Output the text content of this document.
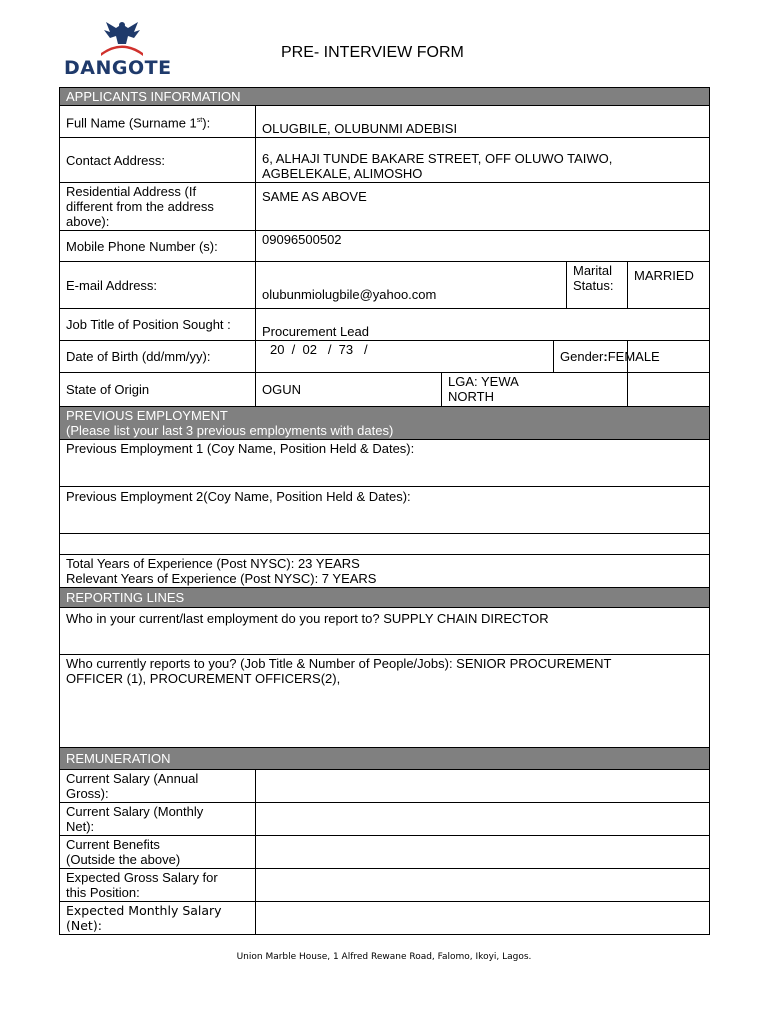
DANGOTE
PRE- INTERVIEW FORM
APPLICANTS INFORMATION					
Full Name (Surname 1st):	OLUGBILE, OLUBUNMI ADEBISI				
Contact Address:	6, ALHAJI TUNDE BAKARE STREET, OFF OLUWO TAIWO,
AGBELEKALE, ALIMOSHO				

Residential Address (If
different from the address
above):	SAME AS ABOVE				
Mobile Phone Number (s):	09096500502				
E-mail Address:	olubunmiolugbile@yahoo.com			Marital
Status:	MARRIED
Job Title of Position Sought :	Procurement Lead				
Date of Birth (dd/mm/yy):	20  /  02   /  73   /		Gender:FEMALE		
State of Origin	OGUN	LGA: YEWA
NORTH			

PREVIOUS EMPLOYMENT
(Please list your last 3 previous employments with dates)					

Previous Employment 1 (Coy Name, Position Held & Dates):					
Previous Employment 2(Coy Name, Position Held & Dates):					

Total Years of Experience (Post NYSC): 23 YEARS
Relevant Years of Experience (Post NYSC): 7 YEARS					

REPORTING LINES					
Who in your current/last employment do you report to? SUPPLY CHAIN DIRECTOR					

Who currently reports to you? (Job Title & Number of People/Jobs): SENIOR PROCUREMENT
OFFICER (1), PROCUREMENT OFFICERS(2),					

REMUNERATION					

Current Salary (Annual
Gross):					

Current Salary (Monthly
Net):					

Current Benefits
(Outside the above)					

Expected Gross Salary for
this Position:					

Expected Monthly Salary
(Net):					

Union Marble House, 1 Alfred Rewane Road, Falomo, Ikoyi, Lagos.
